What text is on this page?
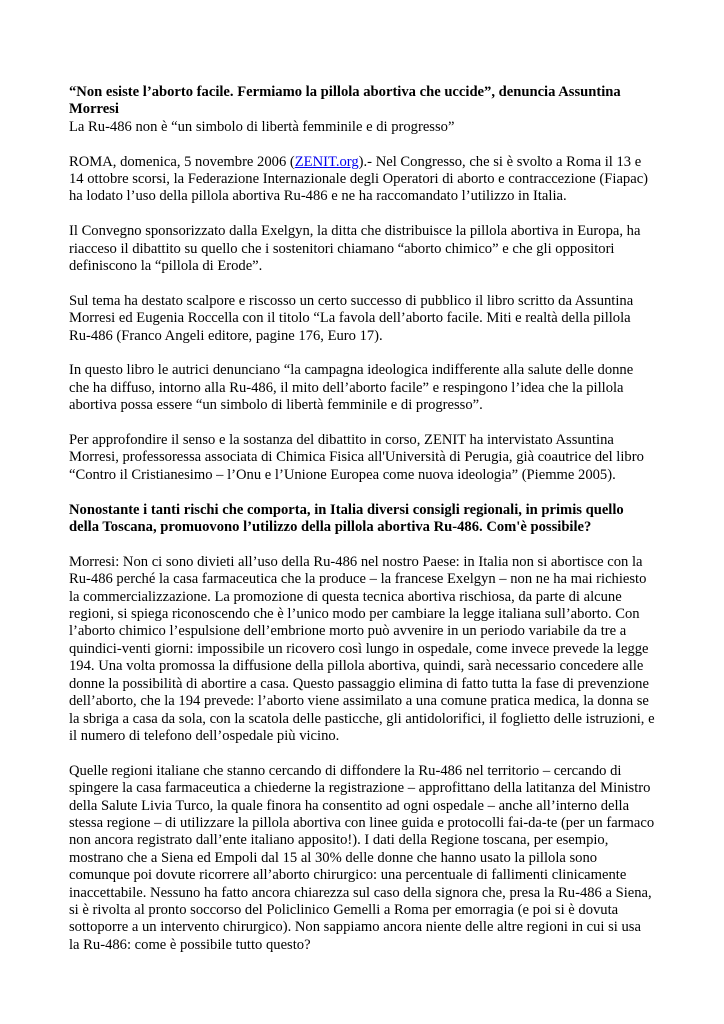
“Non esiste l’aborto facile. Fermiamo la pillola abortiva che uccide”, denuncia Assuntina
Morresi
La Ru-486 non è “un simbolo di libertà femminile e di progresso”
ROMA, domenica, 5 novembre 2006 (ZENIT.org).- Nel Congresso, che si è svolto a Roma il 13 e
14 ottobre scorsi, la Federazione Internazionale degli Operatori di aborto e contraccezione (Fiapac)
ha lodato l’uso della pillola abortiva Ru-486 e ne ha raccomandato l’utilizzo in Italia.
Il Convegno sponsorizzato dalla Exelgyn, la ditta che distribuisce la pillola abortiva in Europa, ha
riacceso il dibattito su quello che i sostenitori chiamano “aborto chimico” e che gli oppositori
definiscono la “pillola di Erode”.
Sul tema ha destato scalpore e riscosso un certo successo di pubblico il libro scritto da Assuntina
Morresi ed Eugenia Roccella con il titolo “La favola dell’aborto facile. Miti e realtà della pillola
Ru-486 (Franco Angeli editore, pagine 176, Euro 17).
In questo libro le autrici denunciano “la campagna ideologica indifferente alla salute delle donne
che ha diffuso, intorno alla Ru-486, il mito dell’aborto facile” e respingono l’idea che la pillola
abortiva possa essere “un simbolo di libertà femminile e di progresso”.
Per approfondire il senso e la sostanza del dibattito in corso, ZENIT ha intervistato Assuntina
Morresi, professoressa associata di Chimica Fisica all'Università di Perugia, già coautrice del libro
“Contro il Cristianesimo – l’Onu e l’Unione Europea come nuova ideologia” (Piemme 2005).
Nonostante i tanti rischi che comporta, in Italia diversi consigli regionali, in primis quello
della Toscana, promuovono l’utilizzo della pillola abortiva Ru-486. Com'è possibile?
Morresi: Non ci sono divieti all’uso della Ru-486 nel nostro Paese: in Italia non si abortisce con la
Ru-486 perché la casa farmaceutica che la produce – la francese Exelgyn – non ne ha mai richiesto
la commercializzazione. La promozione di questa tecnica abortiva rischiosa, da parte di alcune
regioni, si spiega riconoscendo che è l’unico modo per cambiare la legge italiana sull’aborto. Con
l’aborto chimico l’espulsione dell’embrione morto può avvenire in un periodo variabile da tre a
quindici-venti giorni: impossibile un ricovero così lungo in ospedale, come invece prevede la legge
194. Una volta promossa la diffusione della pillola abortiva, quindi, sarà necessario concedere alle
donne la possibilità di abortire a casa. Questo passaggio elimina di fatto tutta la fase di prevenzione
dell’aborto, che la 194 prevede: l’aborto viene assimilato a una comune pratica medica, la donna se
la sbriga a casa da sola, con la scatola delle pasticche, gli antidolorifici, il foglietto delle istruzioni, e
il numero di telefono dell’ospedale più vicino.
Quelle regioni italiane che stanno cercando di diffondere la Ru-486 nel territorio – cercando di
spingere la casa farmaceutica a chiederne la registrazione – approfittano della latitanza del Ministro
della Salute Livia Turco, la quale finora ha consentito ad ogni ospedale – anche all’interno della
stessa regione – di utilizzare la pillola abortiva con linee guida e protocolli fai-da-te (per un farmaco
non ancora registrato dall’ente italiano apposito!). I dati della Regione toscana, per esempio,
mostrano che a Siena ed Empoli dal 15 al 30% delle donne che hanno usato la pillola sono
comunque poi dovute ricorrere all’aborto chirurgico: una percentuale di fallimenti clinicamente
inaccettabile. Nessuno ha fatto ancora chiarezza sul caso della signora che, presa la Ru-486 a Siena,
si è rivolta al pronto soccorso del Policlinico Gemelli a Roma per emorragia (e poi si è dovuta
sottoporre a un intervento chirurgico). Non sappiamo ancora niente delle altre regioni in cui si usa
la Ru-486: come è possibile tutto questo?
